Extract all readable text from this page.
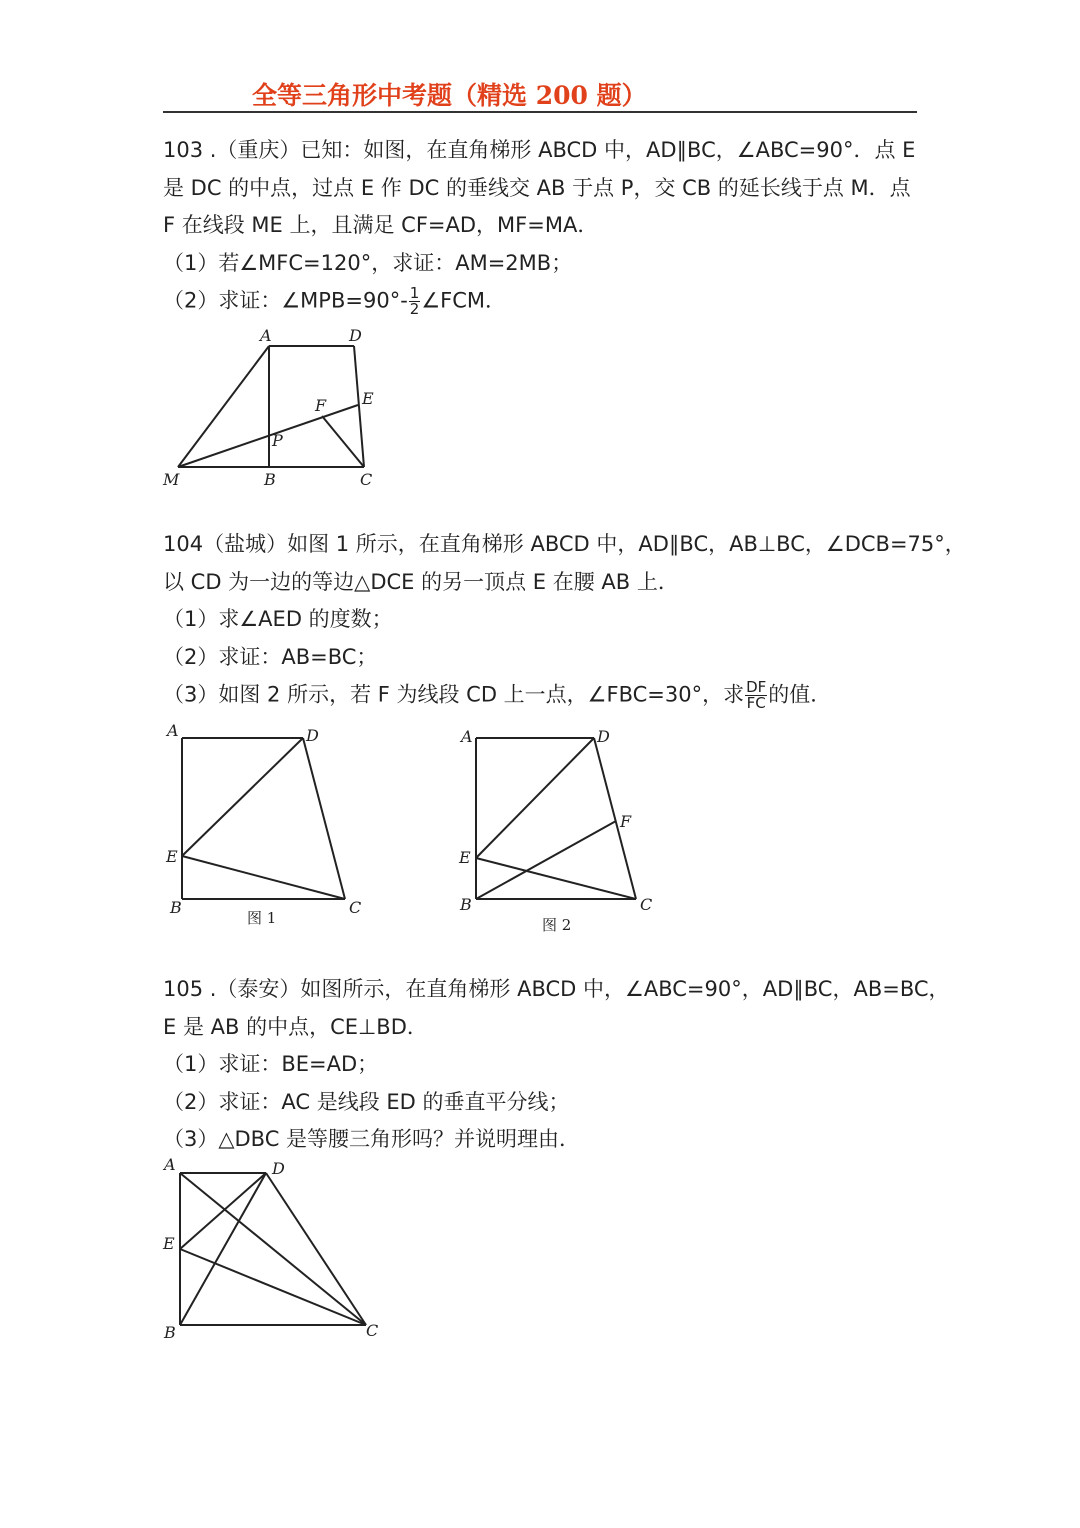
全等三角形中考题（精选 200 题）
103 .（重庆）已知：如图，在直角梯形 ABCD 中，AD∥BC，∠ABC=90°．点 E
是 DC 的中点，过点 E 作 DC 的垂线交 AB 于点 P，交 CB 的延长线于点 M．点
F 在线段 ME 上，且满足 CF=AD，MF=MA．
（1）若∠MFC=120°，求证：AM=2MB；
（2）求证：∠MPB=90°- $\frac{1}{2}$ ∠FCM．
A	D
E
F
P
M	B	C
104（盐城）如图 1 所示，在直角梯形 ABCD 中，AD∥BC，AB⊥BC，∠DCB=75°，
以 CD 为一边的等边△DCE 的另一顶点 E 在腰 AB 上．
（1）求∠AED 的度数；
（2）求证：AB=BC；
（3）如图 2 所示，若 F 为线段 CD 上一点，∠FBC=30°，求 $\frac{DF}{FC}$ 的值．
A	D
E
B	C
图 1
A	D
F
E
B	C
图 2
105 .（泰安）如图所示，在直角梯形 ABCD 中，∠ABC=90°，AD∥BC，AB=BC，
E 是 AB 的中点，CE⊥BD．
（1）求证：BE=AD；
（2）求证：AC 是线段 ED 的垂直平分线；
（3）△DBC 是等腰三角形吗？并说明理由．
A	D
E
B	C
